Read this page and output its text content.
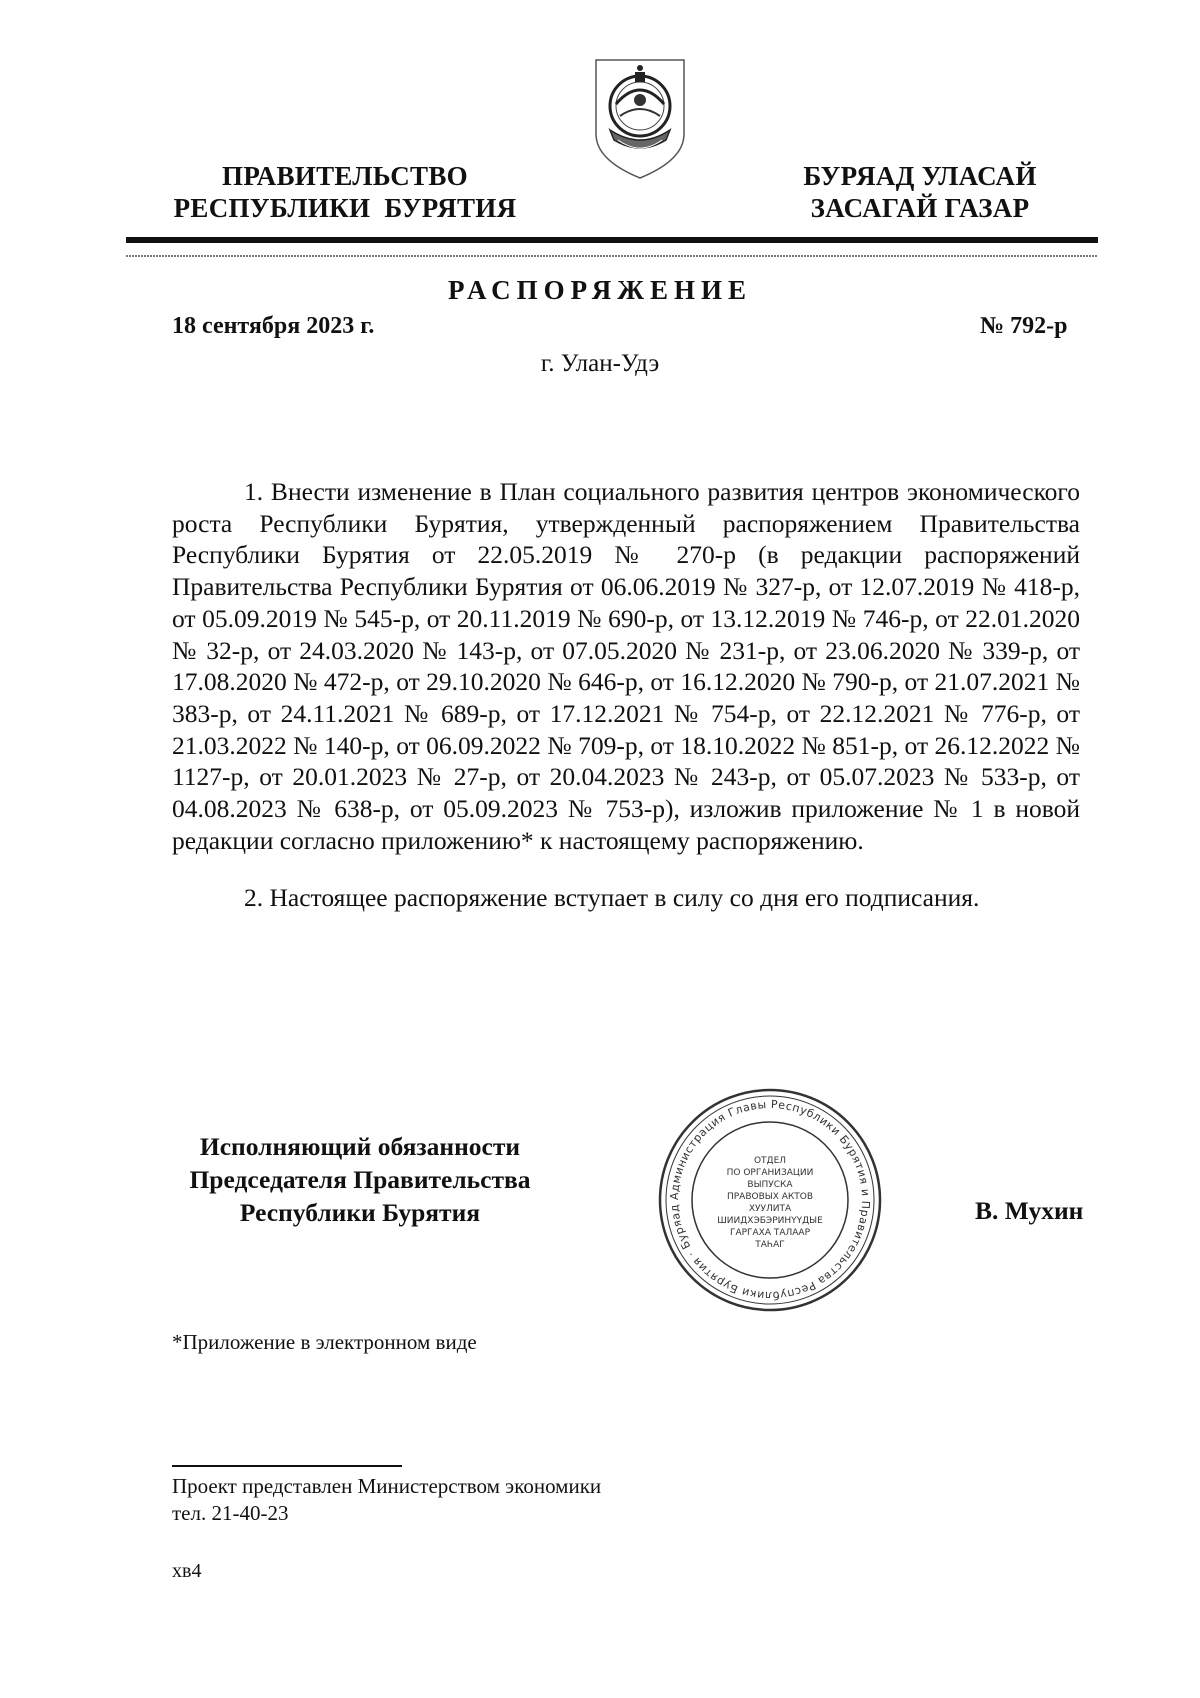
ПРАВИТЕЛЬСТВО
РЕСПУБЛИКИ  БУРЯТИЯ
БУРЯАД УЛАСАЙ
ЗАСАГАЙ ГАЗАР
РАСПОРЯЖЕНИЕ
18 сентября 2023 г.	№ 792-р
г. Улан-Удэ

1. Внести изменение в План социального развития центров экономического роста Республики Бурятия, утвержденный распоряжением Правительства Республики Бурятия от 22.05.2019 № 270-р (в редакции распоряжений Правительства Республики Бурятия от 06.06.2019 № 327-р, от 12.07.2019 № 418-р, от 05.09.2019 № 545-р, от 20.11.2019 № 690-р, от 13.12.2019 № 746-р, от 22.01.2020 № 32-р, от 24.03.2020 № 143-р, от 07.05.2020 № 231-р, от 23.06.2020 № 339-р, от 17.08.2020 № 472-р, от 29.10.2020 № 646-р, от 16.12.2020 № 790-р, от 21.07.2021 № 383-р, от 24.11.2021 № 689-р, от 17.12.2021 № 754-р, от 22.12.2021 № 776-р, от 21.03.2022 № 140-р, от 06.09.2022 № 709-р, от 18.10.2022 № 851-р, от 26.12.2022 № 1127-р, от 20.01.2023 № 27-р, от 20.04.2023 № 243-р, от 05.07.2023 № 533-р, от 04.08.2023 № 638-р, от 05.09.2023 № 753-р), изложив приложение № 1 в новой редакции согласно приложению* к настоящему распоряжению.

2. Настоящее распоряжение вступает в силу со дня его подписания.

Исполняющий обязанности
Председателя Правительства
Республики Бурятия
Администрация Главы Республики Бурятия и Правительства Республики Бурятия · Буряад
ОТДЕЛ
ПО ОРГАНИЗАЦИИ
ВЫПУСКА
ПРАВОВЫХ АКТОВ
ХУУЛИТА
ШИИДХЭБЭРИНҮҮДЫЕ
ГАРГАХА ТАЛААР
ТАҺАГ
В. Мухин
*Приложение в электронном виде
Проект представлен Министерством экономики
тел. 21-40-23
хв4
